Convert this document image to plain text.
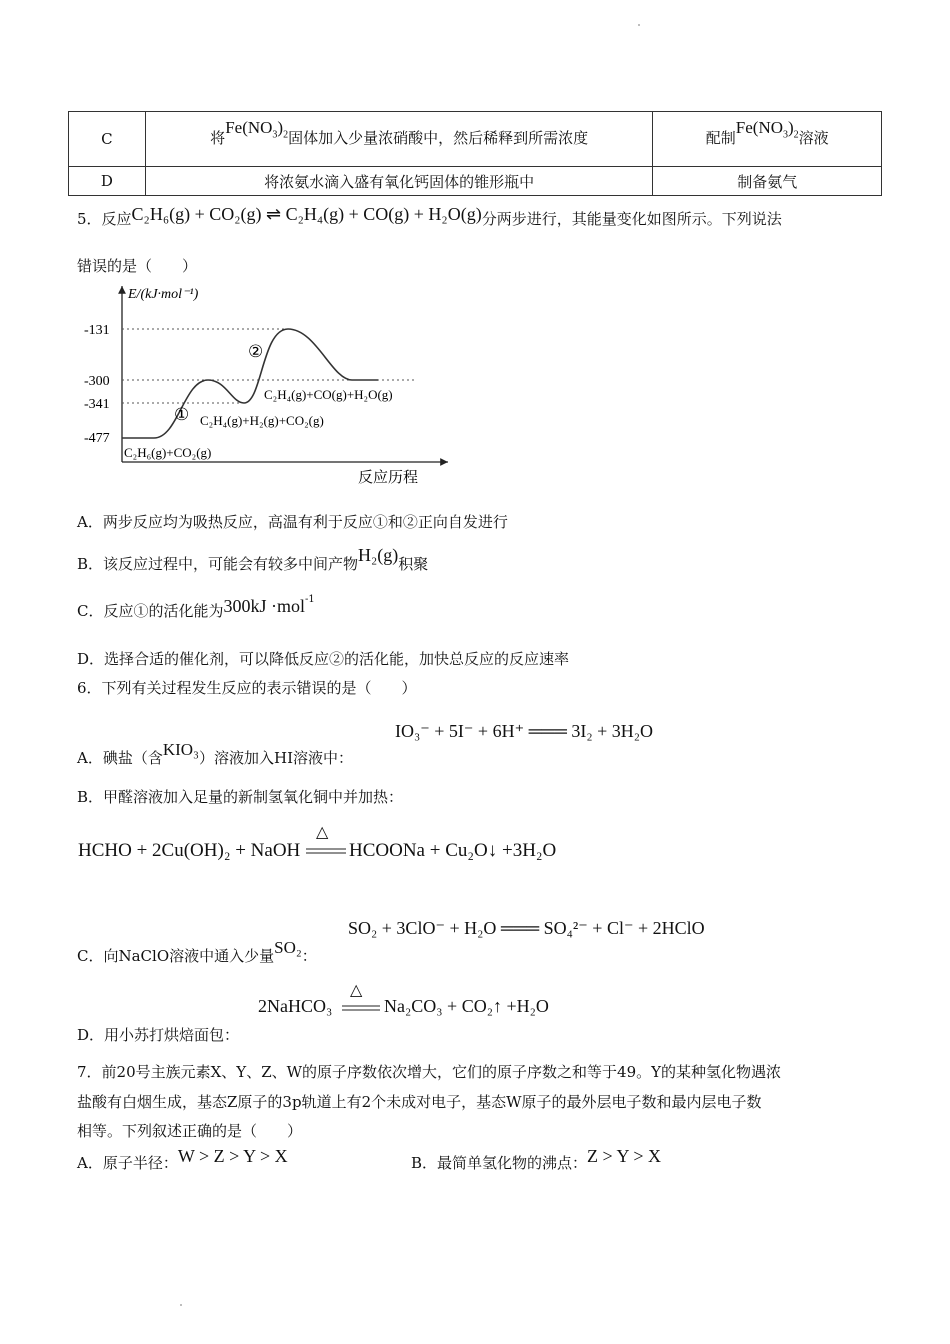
C	将$Fe(NO_3)_2$固体加入少量浓硝酸中，然后稀释到所需浓度	配制$Fe(NO_3)_2$溶液
D	将浓氨水滴入盛有氧化钙固体的锥形瓶中	制备氨气
5．反应C₂H₆(g) + CO₂(g) ⇌ C₂H₄(g) + CO(g) + H₂O(g)分两步进行，其能量变化如图所示。下列说法
错误的是（　　）
E/(kJ·mol⁻¹)
反应历程
-131
-300
-341
-477
①
②
C₂H₆(g)+CO₂(g)
C₂H₄(g)+H₂(g)+CO₂(g)
C₂H₄(g)+CO(g)+H₂O(g)
A．两步反应均为吸热反应，高温有利于反应①和②正向自发进行
B．该反应过程中，可能会有较多中间产物H₂(g)积聚
C．反应①的活化能为300kJ ·mol$^{-1}$
D．选择合适的催化剂，可以降低反应②的活化能，加快总反应的反应速率
6．下列有关过程发生反应的表示错误的是（　　）
IO₃⁻ + 5I⁻ + 6H⁺ ═══ 3I₂ + 3H₂O
A．碘盐（含KIO₃）溶液加入HI溶液中：
B．甲醛溶液加入足量的新制氢氧化铜中并加热：
HCHO + 2Cu(OH)₂ + NaOH
△
HCOONa + Cu₂O↓ +3H₂O
SO₂ + 3ClO⁻ + H₂O ═══ SO₄²⁻ + Cl⁻ + 2HClO
C．向NaClO溶液中通入少量SO₂：
2NaHCO₃
△
Na₂CO₃ + CO₂↑ +H₂O
D．用小苏打烘焙面包：
7．前20号主族元素X、Y、Z、W的原子序数依次增大，它们的原子序数之和等于49。Y的某种氢化物遇浓
盐酸有白烟生成，基态Z原子的3p轨道上有2个未成对电子，基态W原子的最外层电子数和最内层电子数
相等。下列叙述正确的是（　　）
A．原子半径：W > Z > Y > X	B．最简单氢化物的沸点：Z > Y > X
